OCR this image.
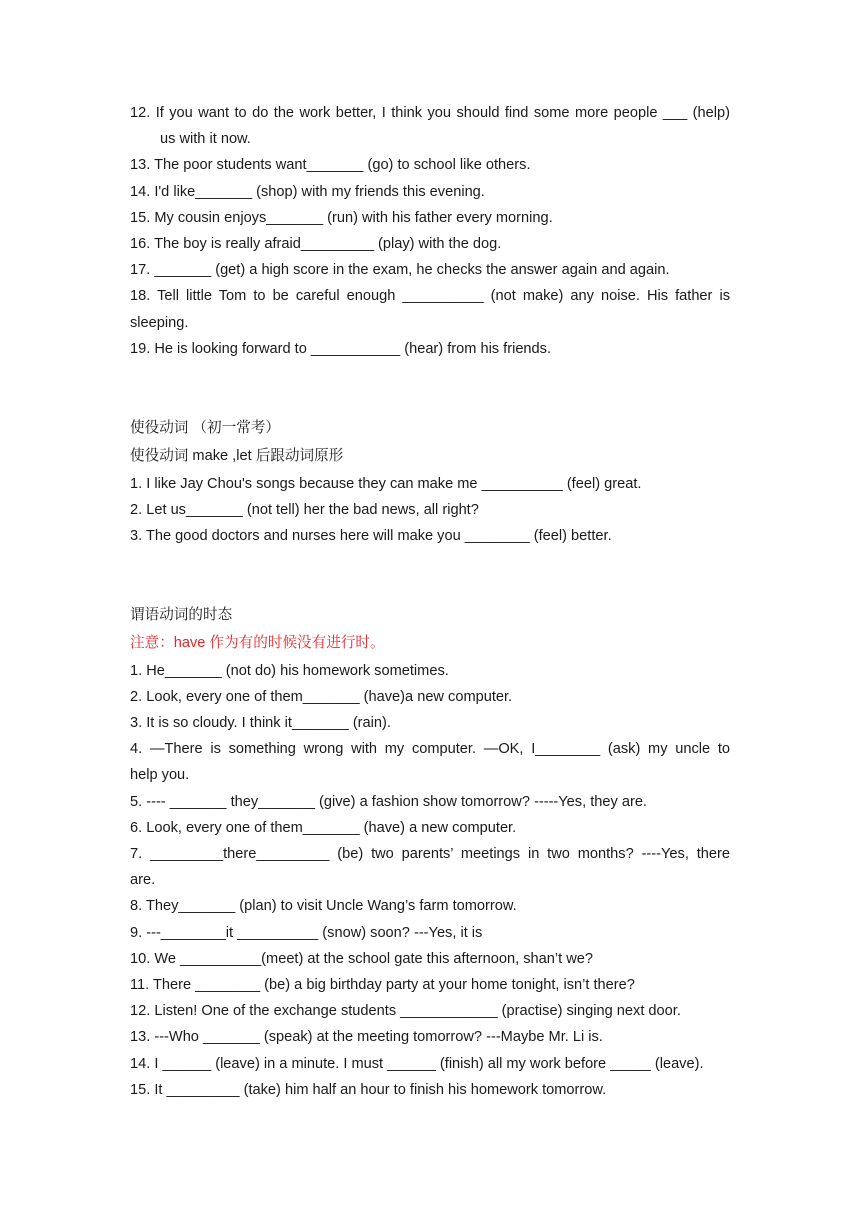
12. If you want to do the work better, I think you should find some more people ___ (help)
us with it now.
13. The poor students want_______ (go) to school like others.
14. I'd like_______ (shop) with my friends this evening.
15. My cousin enjoys_______ (run) with his father every morning.
16. The boy is really afraid_________ (play) with the dog.
17. _______ (get) a high score in the exam, he checks the answer again and again.
18. Tell little Tom to be careful enough __________ (not make) any noise. His father is
sleeping.
19. He is looking forward to ___________ (hear) from his friends.
使役动词 （初一常考）
使役动词 make ,let 后跟动词原形
1. I like Jay Chou's songs because they can make me __________ (feel) great.
2. Let us_______ (not tell) her the bad news, all right?
3. The good doctors and nurses here will make you ________ (feel) better.
谓语动词的时态
注意：have 作为有的时候没有进行时。
1. He_______ (not do) his homework sometimes.
2. Look, every one of them_______ (have)a new computer.
3. It is so cloudy. I think it_______ (rain).
4. —There is something wrong with my computer. —OK, I________ (ask) my uncle to
help you.
5. ---- _______ they_______ (give) a fashion show tomorrow? -----Yes, they are.
6. Look, every one of them_______ (have) a new computer.
7. _________there_________ (be) two parents’ meetings in two months? ----Yes, there
are.
8. They_______ (plan) to visit Uncle Wang’s farm tomorrow.
9. ---________it __________ (snow) soon? ---Yes, it is
10. We __________(meet) at the school gate this afternoon, shan’t we?
11. There ________ (be) a big birthday party at your home tonight, isn’t there?
12. Listen! One of the exchange students ____________ (practise) singing next door.
13. ---Who _______ (speak) at the meeting tomorrow? ---Maybe Mr. Li is.
14. I ______ (leave) in a minute. I must ______ (finish) all my work before _____ (leave).
15. It _________ (take) him half an hour to finish his homework tomorrow.
